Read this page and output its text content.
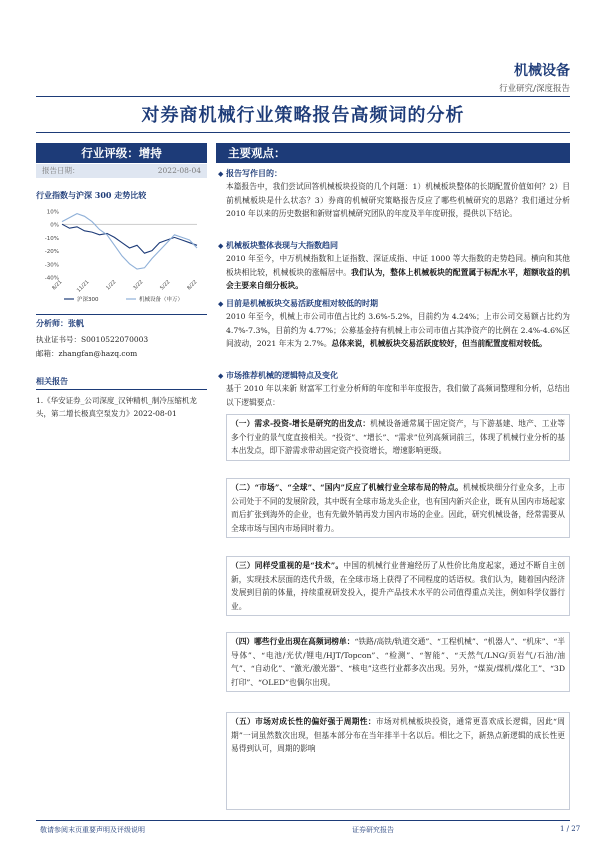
机械设备
行业研究/深度报告
对券商机械行业策略报告高频词的分析
行业评级：增持
报告日期：	2022-08-04
行业指数与沪深 300 走势比较
10%
0%
-10%
-20%
-30%
-40%
8/21	11/21	1/22	3/22	5/22	8/22
沪深300	机械设备（申万）
分析师：张帆
执业证书号：S0010522070003
邮箱：zhangfan@hazq.com
相关报告
1.《华安证券_公司深度_汉钟精机_制冷压缩机龙头，第二增长极真空泵发力》2022-08-01
主要观点：
◆ 报告写作目的：
本篇报告中，我们尝试回答机械板块投资的几个问题：1）机械板块整体的长期配置价值如何？2）目前机械板块是什么状态？3）券商的机械研究策略报告反应了哪些机械研究的思路？我们通过分析 2010 年以来的历史数据和新财富机械研究团队的年度及半年度研报，提供以下结论。
◆ 机械板块整体表现与大指数趋同
2010 年至今，中万机械指数和上证指数、深证成指、中证 1000 等大指数的走势趋同。横向和其他板块相比较，机械板块的涨幅居中。我们认为，整体上机械板块的配置属于标配水平，超额收益的机会主要来自细分板块。
◆ 目前是机械板块交易活跃度相对较低的时期
2010 年至今，机械上市公司市值占比约 3.6%-5.2%，目前约为 4.24%；上市公司交易额占比约为 4.7%-7.3%，目前约为 4.77%；公募基金持有机械上市公司市值占其净资产的比例在 2.4%-4.6%区间波动，2021 年末为 2.7%。总体来说，机械板块交易活跃度较好，但当前配置度相对较低。
◆ 市场推荐机械的逻辑特点及变化
基于 2010 年以来新 财富军工行业分析师的年度和半年度报告，我们做了高频词整理和分析，总结出以下逻辑要点：
（一）需求-投资-增长是研究的出发点：机械设备通常属于固定资产，与下游基建、地产、工业等多个行业的景气度直接相关。“投资”、“增长”、“需求”位列高频词前三，体现了机械行业分析的基本出发点，即下游需求带动固定资产投资增长，增速影响更级。
（二）“市场”、“全球”、“国内”反应了机械行业全球布局的特点。机械板块细分行业众多，上市公司处于不同的发展阶段，其中既有全球市场龙头企业，也有国内新兴企业，既有从国内市场起家而后扩张到海外的企业，也有先做外销再发力国内市场的企业。因此，研究机械设备，经常需要从全球市场与国内市场同时着力。
（三）同样受重视的是“技术”。中国的机械行业普遍经历了从性价比角度起家，通过不断自主创新，实现技术层面的迭代升级，在全球市场上获得了不同程度的话语权。我们认为，随着国内经济发展到目前的体量，持续重视研发投入，提升产品技术水平的公司值得重点关注，例如科学仪器行业。
（四）哪些行业出现在高频词榜单：“铁路/高铁/轨道交通”、“工程机械”、“机器人”、“机床”、“半导体”、“电池/光伏/锂电/HJT/Topcon”、“检测”、“智能”、“天然气/LNG/页岩气/石油/油气”、“自动化”、“激光/激光器”、“核电”这些行业都多次出现。另外，“煤炭/煤机/煤化工”、“3D 打印”、“OLED”也偶尔出现。
（五）市场对成长性的偏好强于周期性：市场对机械板块投资，通常更喜欢成长逻辑，因此“周期”一词虽然数次出现，但基本部分布在当年排半十名以后。相比之下，新热点新逻辑的成长性更易得到认可，周期的影响
敬请参阅末页重要声明及评级说明	证券研究报告	1 / 27
